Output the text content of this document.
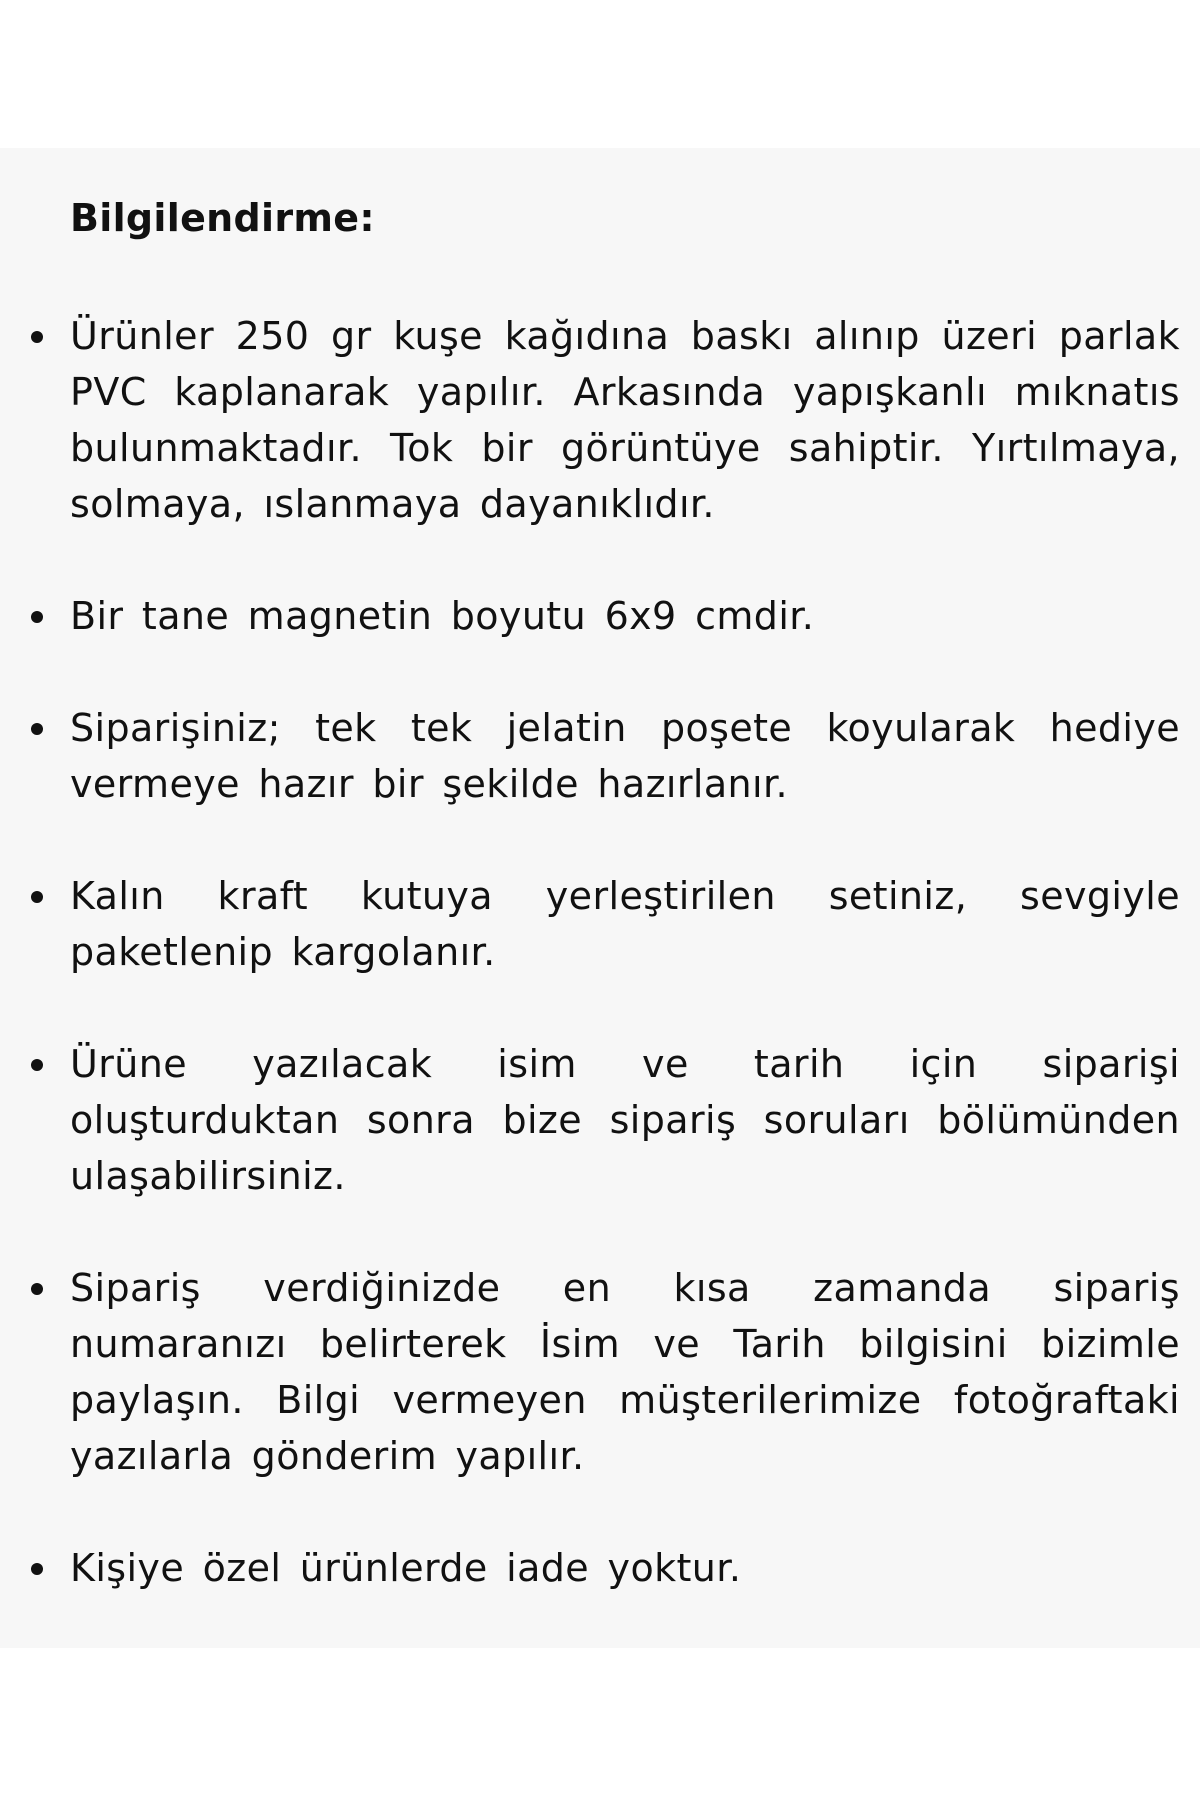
Bilgilendirme:
Ürünler 250 gr kuşe kağıdına baskı alınıp üzeri parlak PVC kaplanarak yapılır. Arkasında yapışkanlı mıknatıs bulunmaktadır. Tok bir görüntüye sahiptir. Yırtılmaya, solmaya, ıslanmaya dayanıklıdır.
Bir tane magnetin boyutu 6x9 cmdir.
Siparişiniz; tek tek jelatin poşete koyularak hediye vermeye hazır bir şekilde hazırlanır.
Kalın kraft kutuya yerleştirilen setiniz, sevgiyle paketlenip kargolanır.
Ürüne yazılacak isim ve tarih için siparişi oluşturduktan sonra bize sipariş soruları bölümünden ulaşabilirsiniz.
Sipariş verdiğinizde en kısa zamanda sipariş numaranızı belirterek İsim ve Tarih bilgisini bizimle paylaşın. Bilgi vermeyen müşterilerimize fotoğraftaki yazılarla gönderim yapılır.
Kişiye özel ürünlerde iade yoktur.
